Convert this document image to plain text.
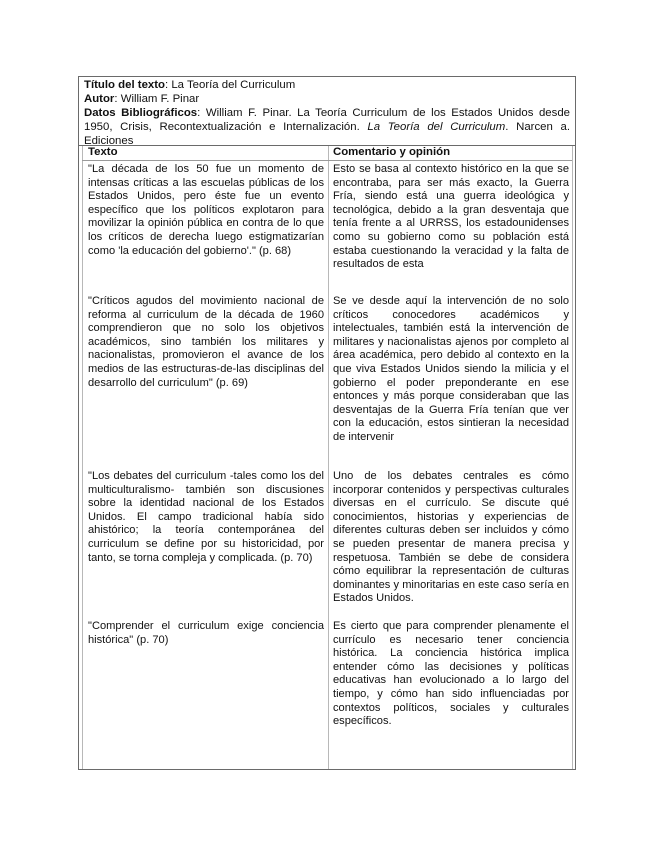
Título del texto: La Teoría del Curriculum
Autor: William F. Pinar
Datos Bibliográficos: William F. Pinar. La Teoría Curriculum de los Estados Unidos desde 1950, Crisis, Recontextualización e Internalización. La Teoría del Curriculum. Narcen a. Ediciones
Texto	Comentario y opinión
"La década de los 50 fue un momento de intensas críticas a las escuelas públicas de los Estados Unidos, pero éste fue un evento específico que los políticos explotaron para movilizar la opinión pública en contra de lo que los críticos de derecha luego estigmatizarían como 'la educación del gobierno'." (p. 68)
Esto se basa al contexto histórico en la que se encontraba, para ser más exacto, la Guerra Fría, siendo está una guerra ideológica y tecnológica, debido a la gran desventaja que tenía frente a al URRSS, los estadounidenses como su gobierno como su población está estaba cuestionando la veracidad y la falta de resultados de esta
"Críticos agudos del movimiento nacional de reforma al curriculum de la década de 1960 comprendieron que no solo los objetivos académicos, sino también los militares y nacionalistas, promovieron el avance de los medios de las estructuras-de-las disciplinas del desarrollo del curriculum" (p. 69)
Se ve desde aquí la intervención de no solo críticos conocedores académicos y intelectuales, también está la intervención de militares y nacionalistas ajenos por completo al área académica, pero debido al contexto en la que viva Estados Unidos siendo la milicia y el gobierno el poder preponderante en ese entonces y más porque consideraban que las desventajas de la Guerra Fría tenían que ver con la educación, estos sintieran la necesidad de intervenir
"Los debates del curriculum -tales como los del multiculturalismo- también son discusiones sobre la identidad nacional de los Estados Unidos. El campo tradicional había sido ahistórico; la teoría contemporánea del curriculum se define por su historicidad, por tanto, se torna compleja y complicada. (p. 70)
Uno de los debates centrales es cómo incorporar contenidos y perspectivas culturales diversas en el currículo. Se discute qué conocimientos, historias y experiencias de diferentes culturas deben ser incluidos y cómo se pueden presentar de manera precisa y respetuosa. También se debe de considera cómo equilibrar la representación de culturas dominantes y minoritarias en este caso sería en Estados Unidos.
"Comprender el curriculum exige conciencia histórica" (p. 70)
Es cierto que para comprender plenamente el currículo es necesario tener conciencia histórica. La conciencia histórica implica entender cómo las decisiones y políticas educativas han evolucionado a lo largo del tiempo, y cómo han sido influenciadas por contextos políticos, sociales y culturales específicos.
